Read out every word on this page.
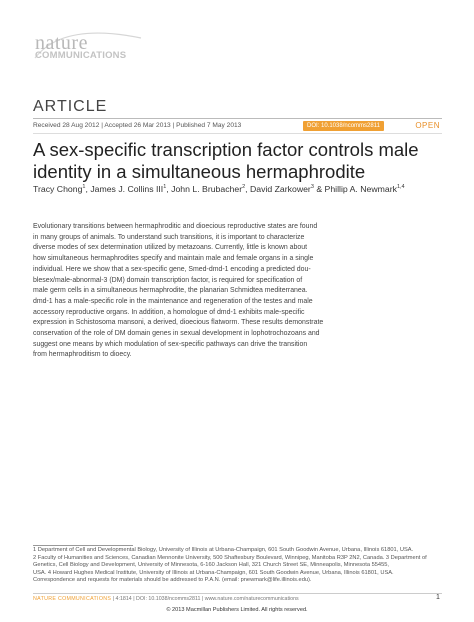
nature
COMMUNICATIONS
ARTICLE
Received 28 Aug 2012 | Accepted 26 Mar 2013 | Published 7 May 2013	DOI: 10.1038/ncomms2811	OPEN
A sex-specific transcription factor controls male
identity in a simultaneous hermaphrodite
Tracy Chong$^1$, James J. Collins III$^1$, John L. Brubacher$^2$, David Zarkower$^3$ & Phillip A. Newmark$^{1,4}$

Evolutionary transitions between hermaphroditic and dioecious reproductive states are found

in many groups of animals. To understand such transitions, it is important to characterize

diverse modes of sex determination utilized by metazoans. Currently, little is known about

how simultaneous hermaphrodites specify and maintain male and female organs in a single

individual. Here we show that a sex-specific gene, Smed-dmd-1 encoding a predicted dou-

blesex/male-abnormal-3 (DM) domain transcription factor, is required for specification of

male germ cells in a simultaneous hermaphrodite, the planarian Schmidtea mediterranea.

dmd-1 has a male-specific role in the maintenance and regeneration of the testes and male

accessory reproductive organs. In addition, a homologue of dmd-1 exhibits male-specific

expression in Schistosoma mansoni, a derived, dioecious flatworm. These results demonstrate

conservation of the role of DM domain genes in sexual development in lophotrochozoans and

suggest one means by which modulation of sex-specific pathways can drive the transition

from hermaphroditism to dioecy.

1 Department of Cell and Developmental Biology, University of Illinois at Urbana-Champaign, 601 South Goodwin Avenue, Urbana, Illinois 61801, USA.

2 Faculty of Humanities and Sciences, Canadian Mennonite University, 500 Shaftesbury Boulevard, Winnipeg, Manitoba R3P 2N2, Canada. 3 Department of

Genetics, Cell Biology and Development, University of Minnesota, 6-160 Jackson Hall, 321 Church Street SE, Minneapolis, Minnesota 55455,

USA. 4 Howard Hughes Medical Institute, University of Illinois at Urbana-Champaign, 601 South Goodwin Avenue, Urbana, Illinois 61801, USA.

Correspondence and requests for materials should be addressed to P.A.N. (email: pnewmark@life.illinois.edu).

NATURE COMMUNICATIONS | 4:1814 | DOI: 10.1038/ncomms2811 | www.nature.com/naturecommunications	1
© 2013 Macmillan Publishers Limited. All rights reserved.
